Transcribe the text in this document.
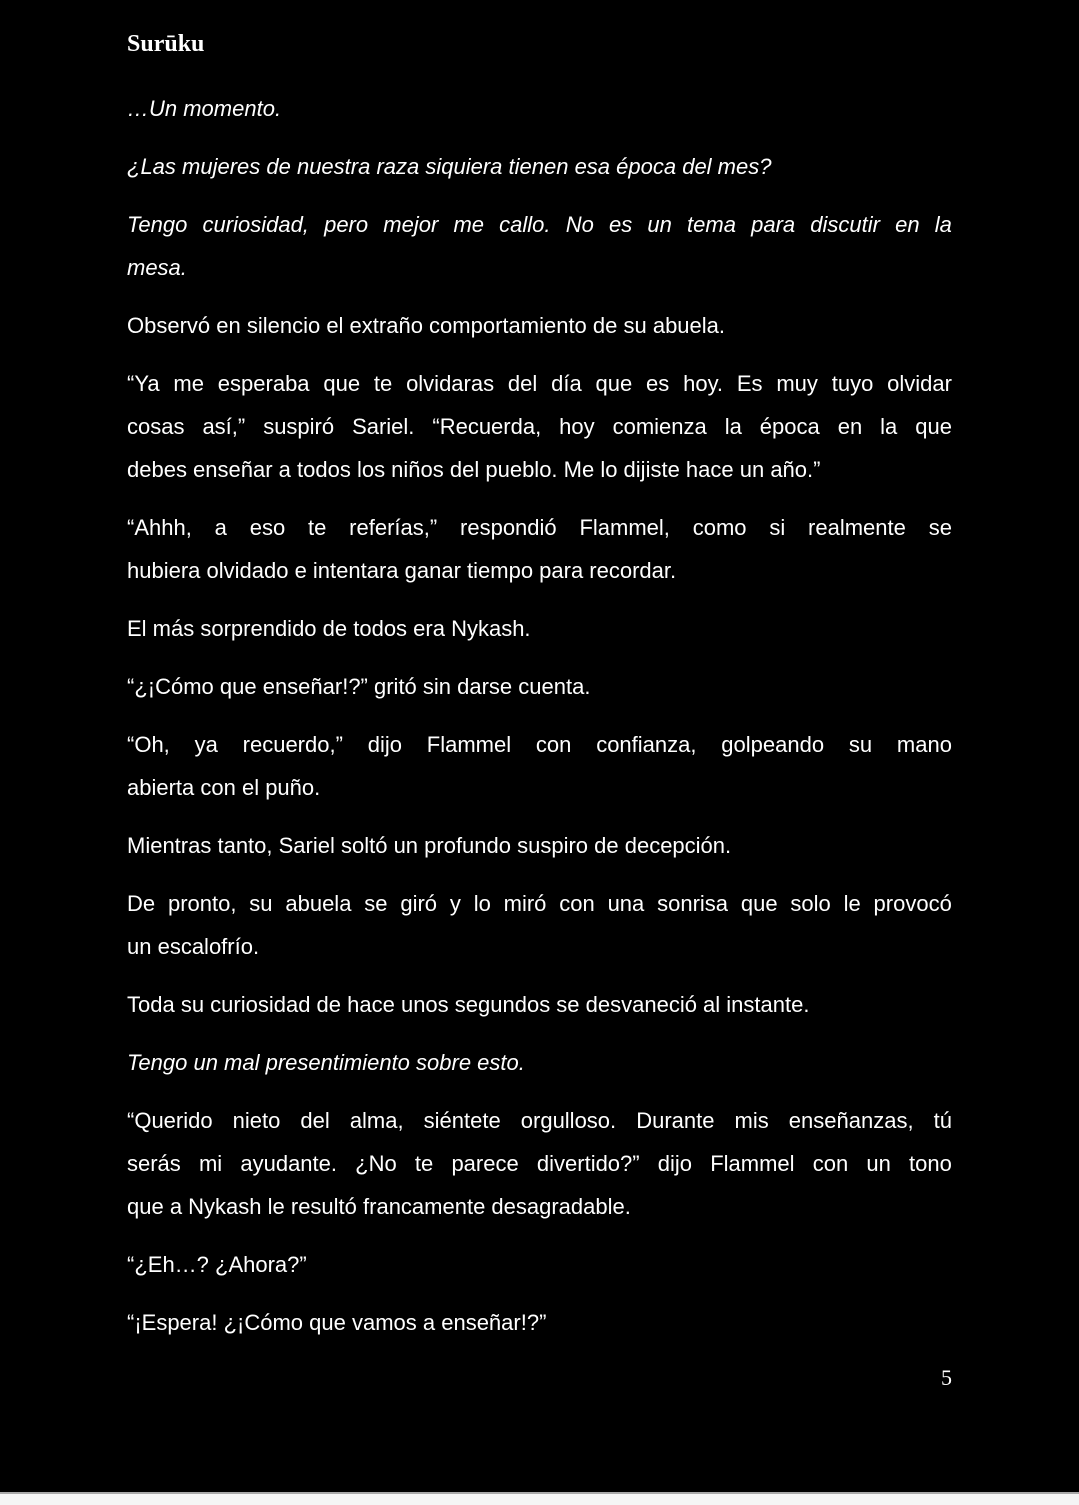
Surūku

…Un momento.

¿Las mujeres de nuestra raza siquiera tienen esa época del mes?

Tengo curiosidad, pero mejor me callo. No es un tema para discutir en la
mesa.

Observó en silencio el extraño comportamiento de su abuela.

“Ya me esperaba que te olvidaras del día que es hoy. Es muy tuyo olvidar
cosas así,” suspiró Sariel. “Recuerda, hoy comienza la época en la que
debes enseñar a todos los niños del pueblo. Me lo dijiste hace un año.”

“Ahhh, a eso te referías,” respondió Flammel, como si realmente se
hubiera olvidado e intentara ganar tiempo para recordar.

El más sorprendido de todos era Nykash.

“¿¡Cómo que enseñar!?” gritó sin darse cuenta.

“Oh, ya recuerdo,” dijo Flammel con confianza, golpeando su mano
abierta con el puño.

Mientras tanto, Sariel soltó un profundo suspiro de decepción.

De pronto, su abuela se giró y lo miró con una sonrisa que solo le provocó
un escalofrío.

Toda su curiosidad de hace unos segundos se desvaneció al instante.

Tengo un mal presentimiento sobre esto.

“Querido nieto del alma, siéntete orgulloso. Durante mis enseñanzas, tú
serás mi ayudante. ¿No te parece divertido?” dijo Flammel con un tono
que a Nykash le resultó francamente desagradable.

“¿Eh…? ¿Ahora?”

“¡Espera! ¿¡Cómo que vamos a enseñar!?”

5
